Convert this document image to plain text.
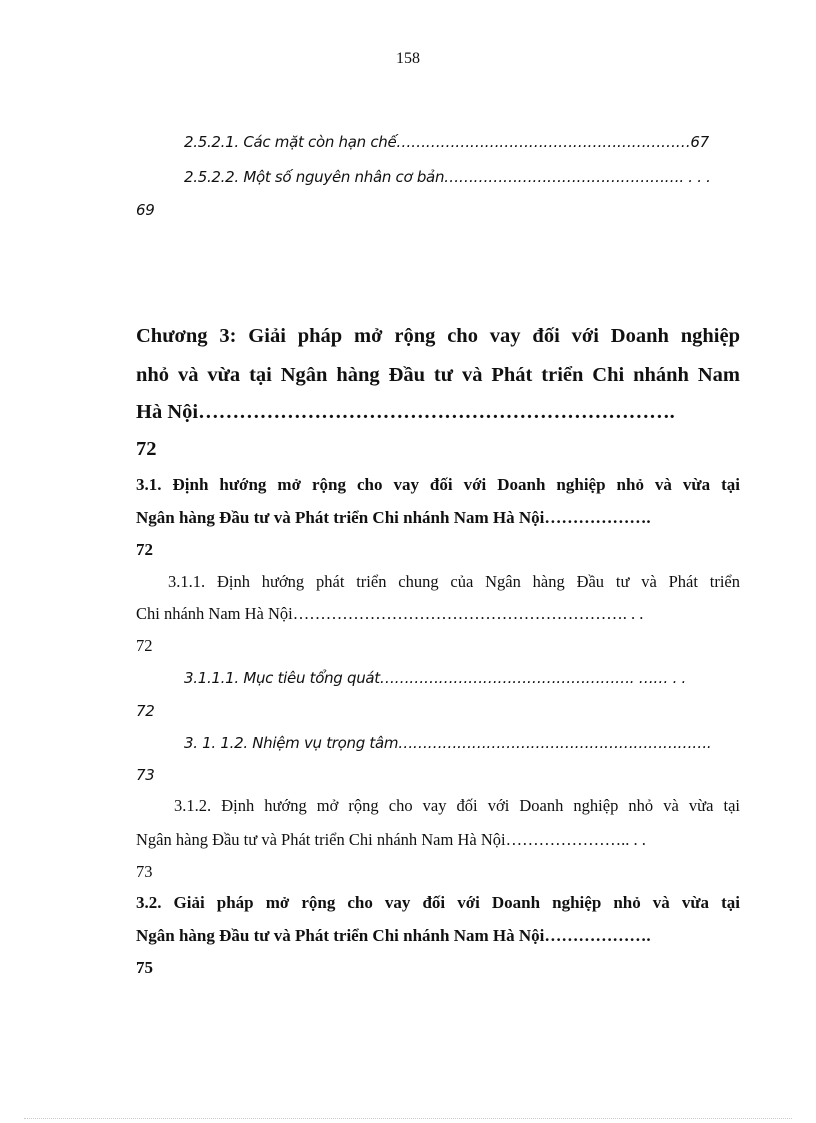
158
2.5.2.1. Các mặt còn hạn chế……………………………………………………67
2.5.2.2. Một số nguyên nhân cơ bản…………………………………………. . . .
69
Chương 3: Giải pháp mở rộng cho vay đối với Doanh nghiệp
nhỏ và vừa tại Ngân hàng Đầu tư và Phát triển Chi nhánh Nam
Hà Nội…………………………………………………………….
72
3.1. Định hướng mở rộng cho vay đối với Doanh nghiệp nhỏ và vừa tại
Ngân hàng Đầu tư và Phát triển Chi nhánh Nam Hà Nội……………….
72
3.1.1. Định hướng phát triển chung của Ngân hàng Đầu tư và Phát triển
Chi nhánh Nam Hà Nội……………………………………………………. . .
72
3.1.1.1. Mục tiêu tổng quát……………………………………………. …… . .
72
3. 1. 1.2. Nhiệm vụ trọng tâm……………………………………………………….
73
3.1.2. Định hướng mở rộng cho vay đối với Doanh nghiệp nhỏ và vừa tại
Ngân hàng Đầu tư và Phát triển Chi nhánh Nam Hà Nội………………….. . .
73
3.2. Giải pháp mở rộng cho vay đối với Doanh nghiệp nhỏ và vừa tại
Ngân hàng Đầu tư và Phát triển Chi nhánh Nam Hà Nội……………….
75
